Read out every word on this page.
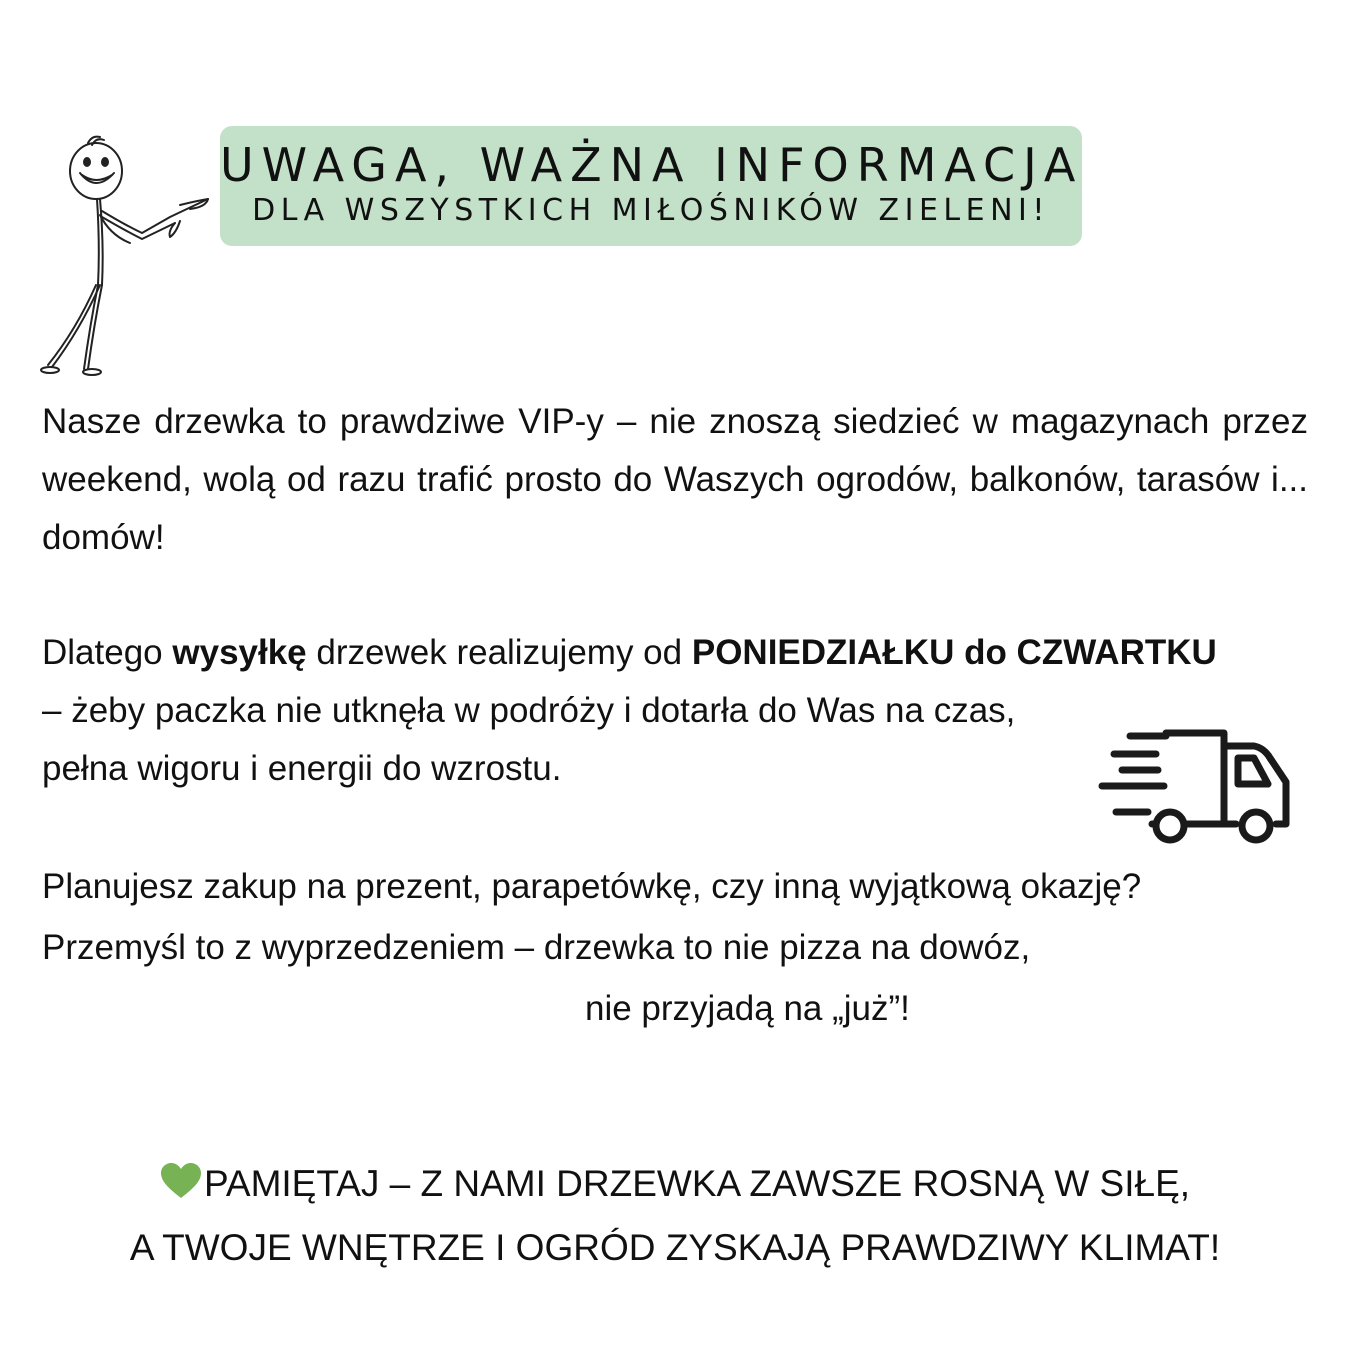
UWAGA, WAŻNA INFORMACJA
DLA WSZYSTKICH MIŁOŚNIKÓW ZIELENI!
Nasze drzewka to prawdziwe VIP-y – nie znoszą siedzieć w magazynach przez weekend, wolą od razu trafić prosto do Waszych ogrodów, balkonów, tarasów i... domów!
Dlatego wysyłkę drzewek realizujemy od PONIEDZIAŁKU do CZWARTKU
– żeby paczka nie utknęła w podróży i dotarła do Was na czas,
pełna wigoru i energii do wzrostu.
Planujesz zakup na prezent, parapetówkę, czy inną wyjątkową okazję?
Przemyśl to z wyprzedzeniem – drzewka to nie pizza na dowóz,
nie przyjadą na „już”!
PAMIĘTAJ – Z NAMI DRZEWKA ZAWSZE ROSNĄ W SIŁĘ,
A TWOJE WNĘTRZE I OGRÓD ZYSKAJĄ PRAWDZIWY KLIMAT!
